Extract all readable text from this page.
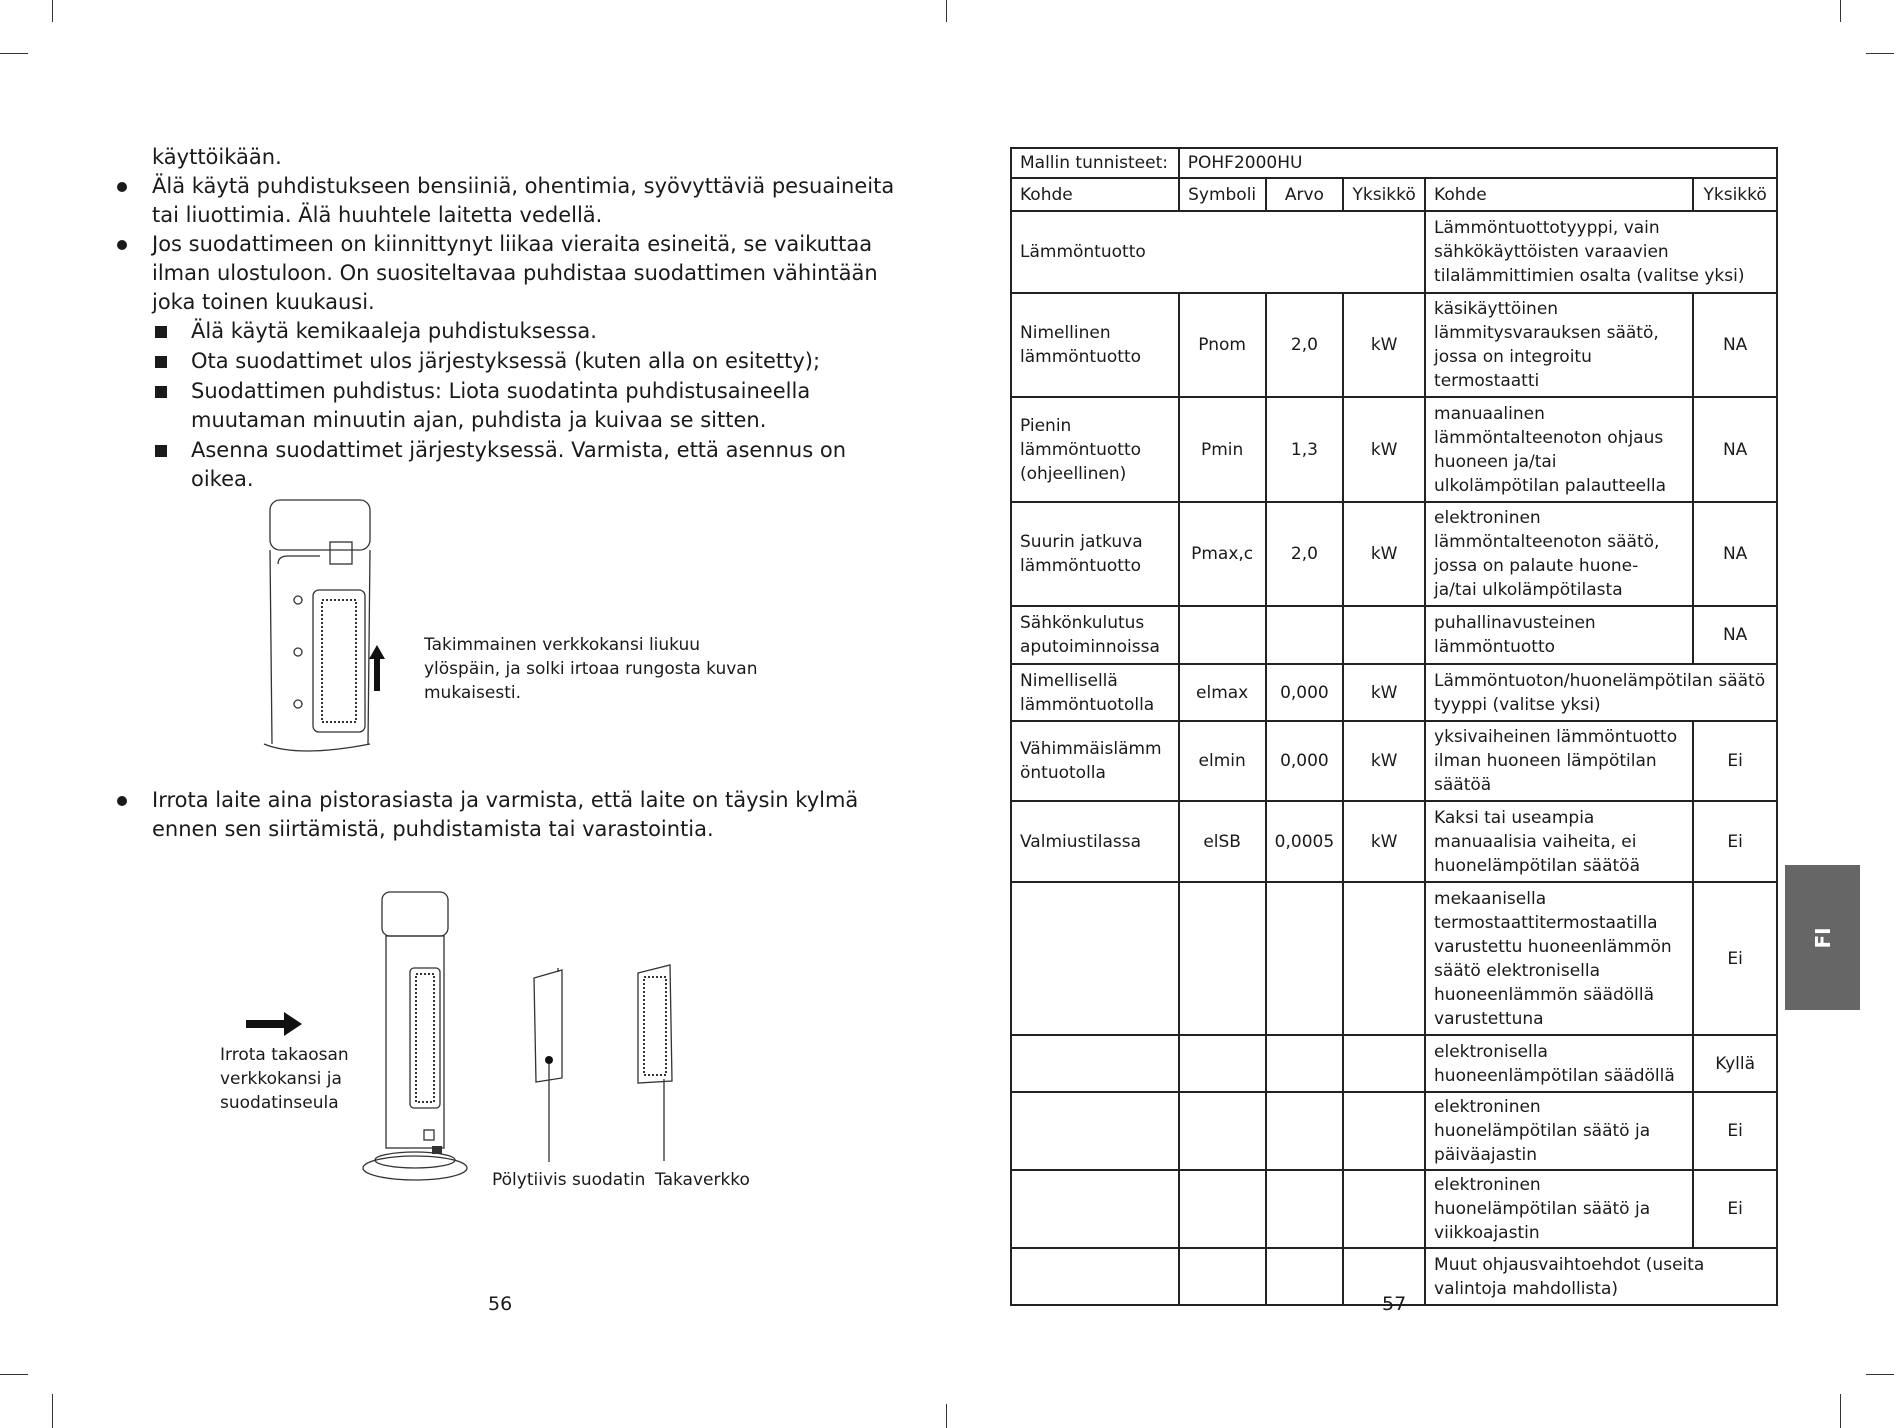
käyttöikään.
Älä käytä puhdistukseen bensiiniä, ohentimia, syövyttäviä pesuaineita tai liuottimia. Älä huuhtele laitetta vedellä.
Jos suodattimeen on kiinnittynyt liikaa vieraita esineitä, se vaikuttaa ilman ulostuloon. On suositeltavaa puhdistaa suodattimen vähintään joka toinen kuukausi.
Älä käytä kemikaaleja puhdistuksessa.
Ota suodattimet ulos järjestyksessä (kuten alla on esitetty);
Suodattimen puhdistus: Liota suodatinta puhdistusaineella muutaman minuutin ajan, puhdista ja kuivaa se sitten.
Asenna suodattimet järjestyksessä. Varmista, että asennus on oikea.
Takimmainen verkkokansi liukuu ylöspäin, ja solki irtoaa rungosta kuvan mukaisesti.
Irrota laite aina pistorasiasta ja varmista, että laite on täysin kylmä ennen sen siirtämistä, puhdistamista tai varastointia.
Irrota takaosan verkkokansi ja suodatinseula
Pölytiivis suodatin Takaverkko
56
Mallin tunnisteet:	POHF2000HU				
Kohde	Symboli	Arvo	Yksikkö	Kohde	Yksikkö
Lämmöntuotto				Lämmöntuottotyyppi, vain sähkökäyttöisten varaavien tilalämmittimien osalta (valitse yksi)	
Nimellinen lämmöntuotto	Pnom	2,0	kW	käsikäyttöinen lämmitysvarauksen säätö, jossa on integroitu termostaatti	NA
Pienin lämmöntuotto (ohjeellinen)	Pmin	1,3	kW	manuaalinen lämmöntalteenoton ohjaus huoneen ja/tai ulkolämpötilan palautteella	NA
Suurin jatkuva lämmöntuotto	Pmax,c	2,0	kW	elektroninen lämmöntalteenoton säätö, jossa on palaute huone- ja/tai ulkolämpötilasta	NA
Sähkönkulutus aputoiminnoissa				puhallinavusteinen lämmöntuotto	NA
Nimellisellä lämmöntuotolla	elmax	0,000	kW	Lämmöntuoton/huonelämpötilan säätö tyyppi (valitse yksi)	
Vähimmäislämm öntuotolla	elmin	0,000	kW	yksivaiheinen lämmöntuotto ilman huoneen lämpötilan säätöä	Ei
Valmiustilassa	elSB	0,0005	kW	Kaksi tai useampia manuaalisia vaiheita, ei huonelämpötilan säätöä	Ei
				mekaanisella termostaattitermostaatilla varustettu huoneenlämmön säätö elektronisella huoneenlämmön säädöllä varustettuna	Ei
				elektronisella huoneenlämpötilan säädöllä	Kyllä
				elektroninen huonelämpötilan säätö ja päiväajastin	Ei
				elektroninen huonelämpötilan säätö ja viikkoajastin	Ei
				Muut ohjausvaihtoehdot (useita valintoja mahdollista)	
FI
57
